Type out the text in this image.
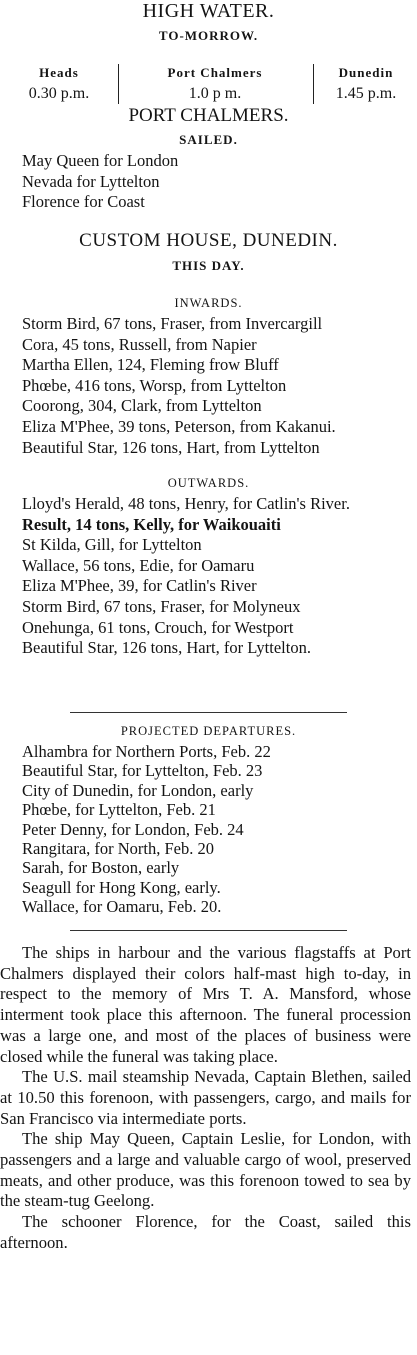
HIGH WATER.
TO-MORROW.
Heads
0.30 p.m.
Port Chalmers
1.0 p m.
Dunedin
1.45 p.m.
PORT CHALMERS.
SAILED.
May Queen for London
Nevada for Lyttelton
Florence for Coast
CUSTOM HOUSE, DUNEDIN.
THIS DAY.
INWARDS.
Storm Bird, 67 tons, Fraser, from Invercargill
Cora, 45 tons, Russell, from Napier
Martha Ellen, 124, Fleming frow Bluff
Phœbe, 416 tons, Worsp, from Lyttelton
Coorong, 304, Clark, from Lyttelton
Eliza M'Phee, 39 tons, Peterson, from Kakanui.
Beautiful Star, 126 tons, Hart, from Lyttelton
OUTWARDS.
Lloyd's Herald, 48 tons, Henry, for Catlin's River.
Result, 14 tons, Kelly, for Waikouaiti
St Kilda, Gill, for Lyttelton
Wallace, 56 tons, Edie, for Oamaru
Eliza M'Phee, 39, for Catlin's River
Storm Bird, 67 tons, Fraser, for Molyneux
Onehunga, 61 tons, Crouch, for Westport
Beautiful Star, 126 tons, Hart, for Lyttelton.
PROJECTED DEPARTURES.
Alhambra for Northern Ports, Feb. 22
Beautiful Star, for Lyttelton, Feb. 23
City of Dunedin, for London, early
Phœbe, for Lyttelton, Feb. 21
Peter Denny, for London, Feb. 24
Rangitara, for North, Feb. 20
Sarah, for Boston, early
Seagull for Hong Kong, early.
Wallace, for Oamaru, Feb. 20.

The ships in harbour and the various flagstaffs at Port Chalmers displayed their colors half-mast high to-day, in respect to the memory of Mrs T. A. Mansford, whose interment took place this afternoon. The funeral procession was a large one, and most of the places of business were closed while the funeral was taking place.

The U.S. mail steamship Nevada, Captain Blethen, sailed at 10.50 this forenoon, with passengers, cargo, and mails for San Francisco via intermediate ports.

The ship May Queen, Captain Leslie, for London, with passengers and a large and valuable cargo of wool, preserved meats, and other produce, was this forenoon towed to sea by the steam-tug Geelong.

The schooner Florence, for the Coast, sailed this afternoon.
